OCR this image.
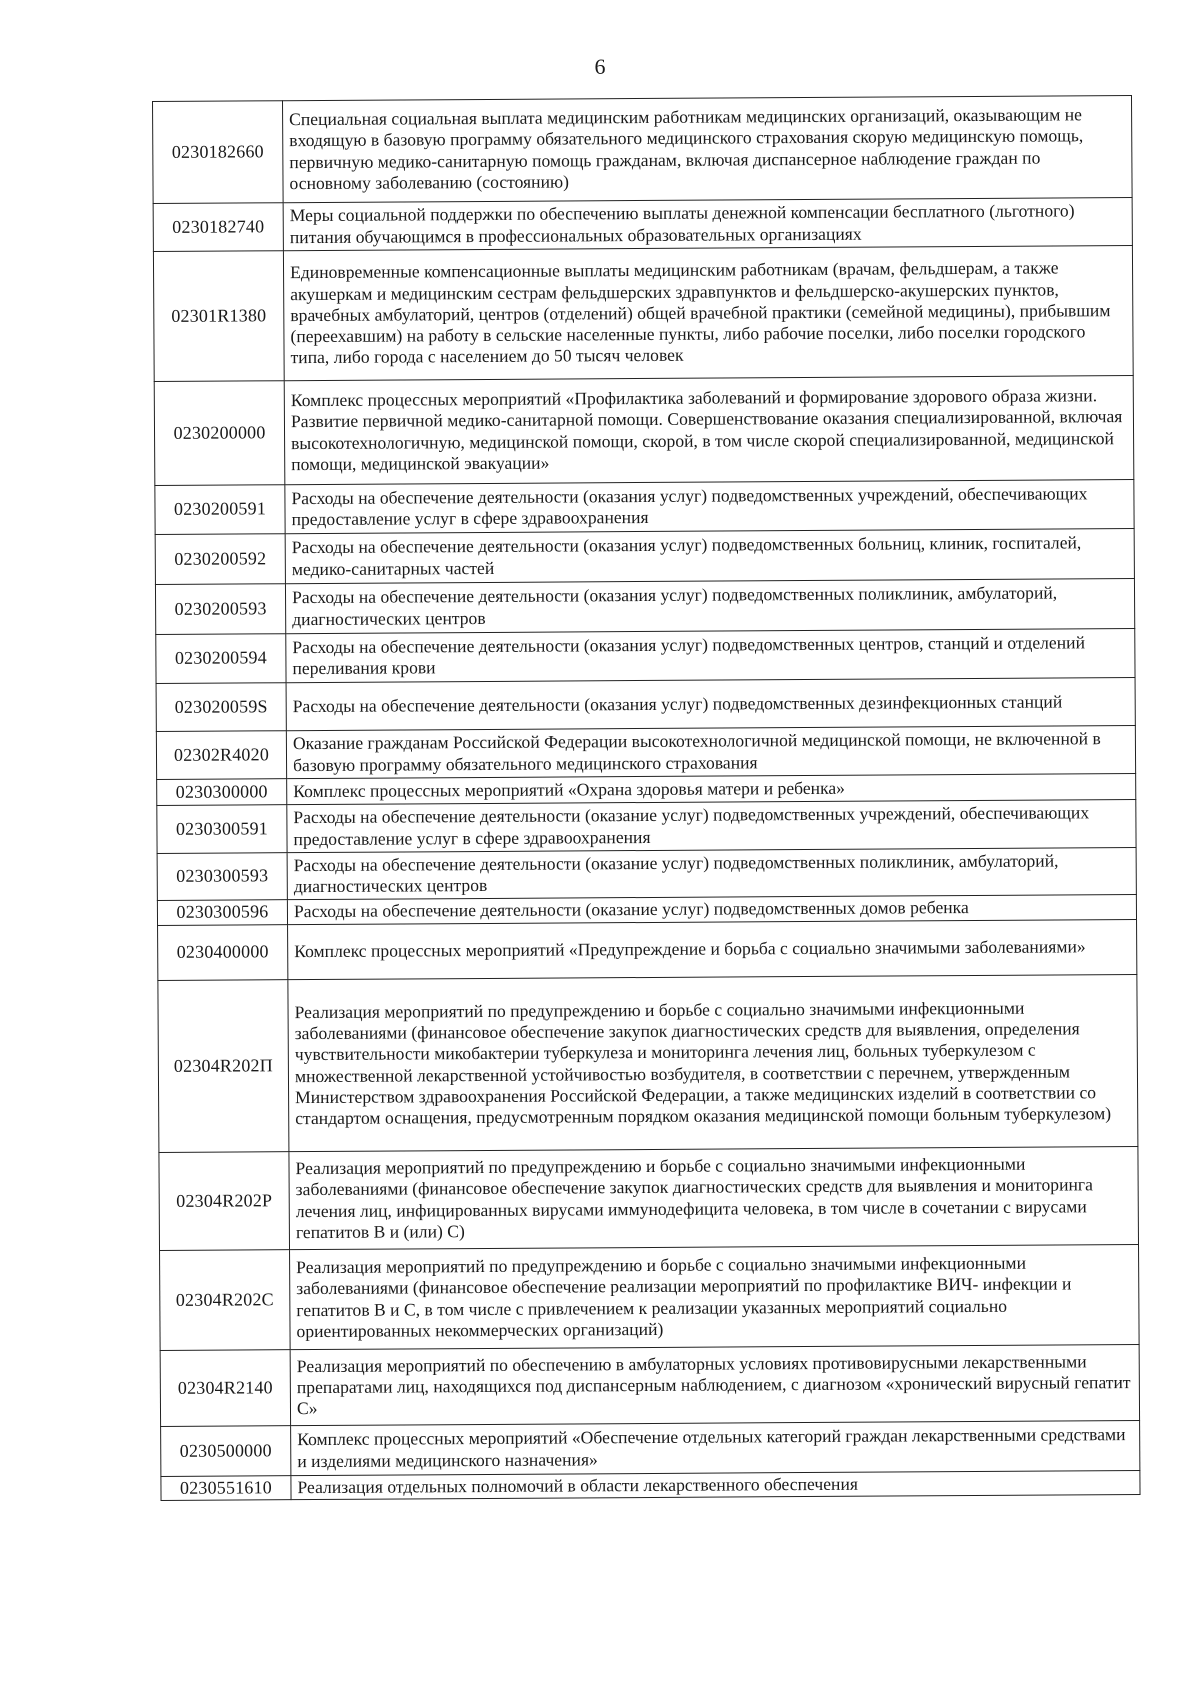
6
0230182660	Специальная социальная выплата медицинским работникам медицинских организаций, оказывающим не входящую в базовую программу обязательного медицинского страхования скорую медицинскую помощь, первичную медико-санитарную помощь гражданам, включая диспансерное наблюдение граждан по основному заболеванию (состоянию)
0230182740	Меры социальной поддержки по обеспечению выплаты денежной компенсации бесплатного (льготного) питания обучающимся в профессиональных образовательных организациях
02301R1380	Единовременные компенсационные выплаты медицинским работникам (врачам, фельдшерам, а также акушеркам и медицинским сестрам фельдшерских здравпунктов и фельдшерско-акушерских пунктов, врачебных амбулаторий, центров (отделений) общей врачебной практики (семейной медицины), прибывшим (переехавшим) на работу в сельские населенные пункты, либо рабочие поселки, либо поселки городского типа, либо города с населением до 50 тысяч человек
0230200000	Комплекс процессных мероприятий «Профилактика заболеваний и формирование здорового образа жизни. Развитие первичной медико-санитарной помощи. Совершенствование оказания специализированной, включая высокотехнологичную, медицинской помощи, скорой, в том числе скорой специализированной, медицинской помощи, медицинской эвакуации»
0230200591	Расходы на обеспечение деятельности (оказания услуг) подведомственных учреждений, обеспечивающих предоставление услуг в сфере здравоохранения
0230200592	Расходы на обеспечение деятельности (оказания услуг) подведомственных больниц, клиник, госпиталей, медико-санитарных частей
0230200593	Расходы на обеспечение деятельности (оказания услуг) подведомственных поликлиник, амбулаторий, диагностических центров
0230200594	Расходы на обеспечение деятельности (оказания услуг) подведомственных центров, станций и отделений переливания крови
023020059S	Расходы на обеспечение деятельности (оказания услуг) подведомственных дезинфекционных станций
02302R4020	Оказание гражданам Российской Федерации высокотехнологичной медицинской помощи, не включенной в базовую программу обязательного медицинского страхования
0230300000	Комплекс процессных мероприятий «Охрана здоровья матери и ребенка»
0230300591	Расходы на обеспечение деятельности (оказание услуг) подведомственных учреждений, обеспечивающих предоставление услуг в сфере здравоохранения
0230300593	Расходы на обеспечение деятельности (оказание услуг) подведомственных поликлиник, амбулаторий, диагностических центров
0230300596	Расходы на обеспечение деятельности (оказание услуг) подведомственных домов ребенка
0230400000	Комплекс процессных мероприятий «Предупреждение и борьба с социально значимыми заболеваниями»
02304R202П	Реализация мероприятий по предупреждению и борьбе с социально значимыми инфекционными заболеваниями (финансовое обеспечение закупок диагностических средств для выявления, определения чувствительности микобактерии туберкулеза и мониторинга лечения лиц, больных туберкулезом с множественной лекарственной устойчивостью возбудителя, в соответствии с перечнем, утвержденным Министерством здравоохранения Российской Федерации, а также медицинских изделий в соответствии со стандартом оснащения, предусмотренным порядком оказания медицинской помощи больным туберкулезом)
02304R202Р	Реализация мероприятий по предупреждению и борьбе с социально значимыми инфекционными заболеваниями (финансовое обеспечение закупок диагностических средств для выявления и мониторинга лечения лиц, инфицированных вирусами иммунодефицита человека, в том числе в сочетании с вирусами гепатитов В и (или) С)
02304R202С	Реализация мероприятий по предупреждению и борьбе с социально значимыми инфекционными заболеваниями (финансовое обеспечение реализации мероприятий по профилактике ВИЧ- инфекции и гепатитов В и С, в том числе с привлечением к реализации указанных мероприятий социально ориентированных некоммерческих организаций)
02304R2140	Реализация мероприятий по обеспечению в амбулаторных условиях противовирусными лекарственными препаратами лиц, находящихся под диспансерным наблюдением, с диагнозом «хронический вирусный гепатит С»
0230500000	Комплекс процессных мероприятий «Обеспечение отдельных категорий граждан лекарственными средствами и изделиями медицинского назначения»
0230551610	Реализация отдельных полномочий в области лекарственного обеспечения
